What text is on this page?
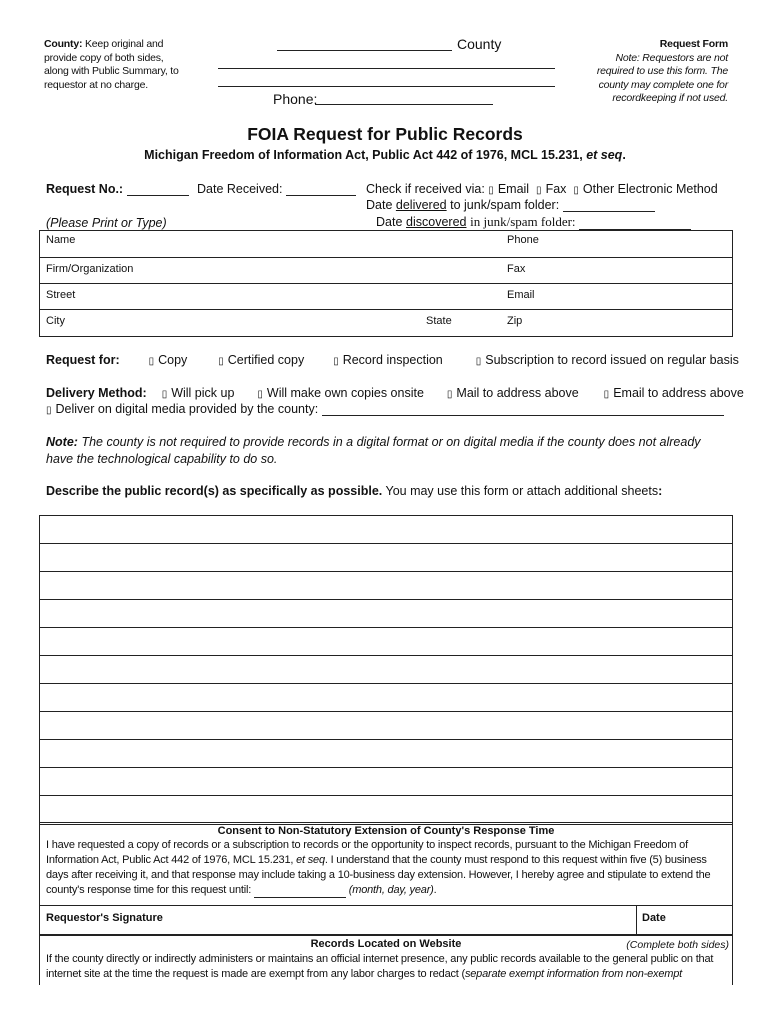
County: Keep original and provide copy of both sides, along with Public Summary, to requestor at no charge.
County
Phone:
Request Form
Note: Requestors are not required to use this form. The county may complete one for recordkeeping if not used.
FOIA Request for Public Records
Michigan Freedom of Information Act, Public Act 442 of 1976, MCL 15.231, et seq.
Request No.:	Date Received:	Check if received via: ▯ Email ▯ Fax ▯ Other Electronic Method
Date delivered to junk/spam folder:
(Please Print or Type)	Date discovered in junk/spam folder:
Name	Phone
Firm/Organization	Fax
Street	Email
City	State	Zip
Request for:	▯ Copy	▯ Certified copy	▯ Record inspection	▯ Subscription to record issued on regular basis
Delivery Method: ▯ Will pick up ▯ Will make own copies onsite ▯ Mail to address above ▯ Email to address above
▯ Deliver on digital media provided by the county:
Note: The county is not required to provide records in a digital format or on digital media if the county does not already have the technological capability to do so.
Describe the public record(s) as specifically as possible. You may use this form or attach additional sheets:
Consent to Non-Statutory Extension of County's Response Time
I have requested a copy of records or a subscription to records or the opportunity to inspect records, pursuant to the Michigan Freedom of Information Act, Public Act 442 of 1976, MCL 15.231, et seq. I understand that the county must respond to this request within five (5) business days after receiving it, and that response may include taking a 10-business day extension. However, I hereby agree and stipulate to extend the county's response time for this request until:	(month, day, year).
Requestor's Signature	Date
Records Located on Website	(Complete both sides)
If the county directly or indirectly administers or maintains an official internet presence, any public records available to the general public on that internet site at the time the request is made are exempt from any labor charges to redact (separate exempt information from non-exempt
